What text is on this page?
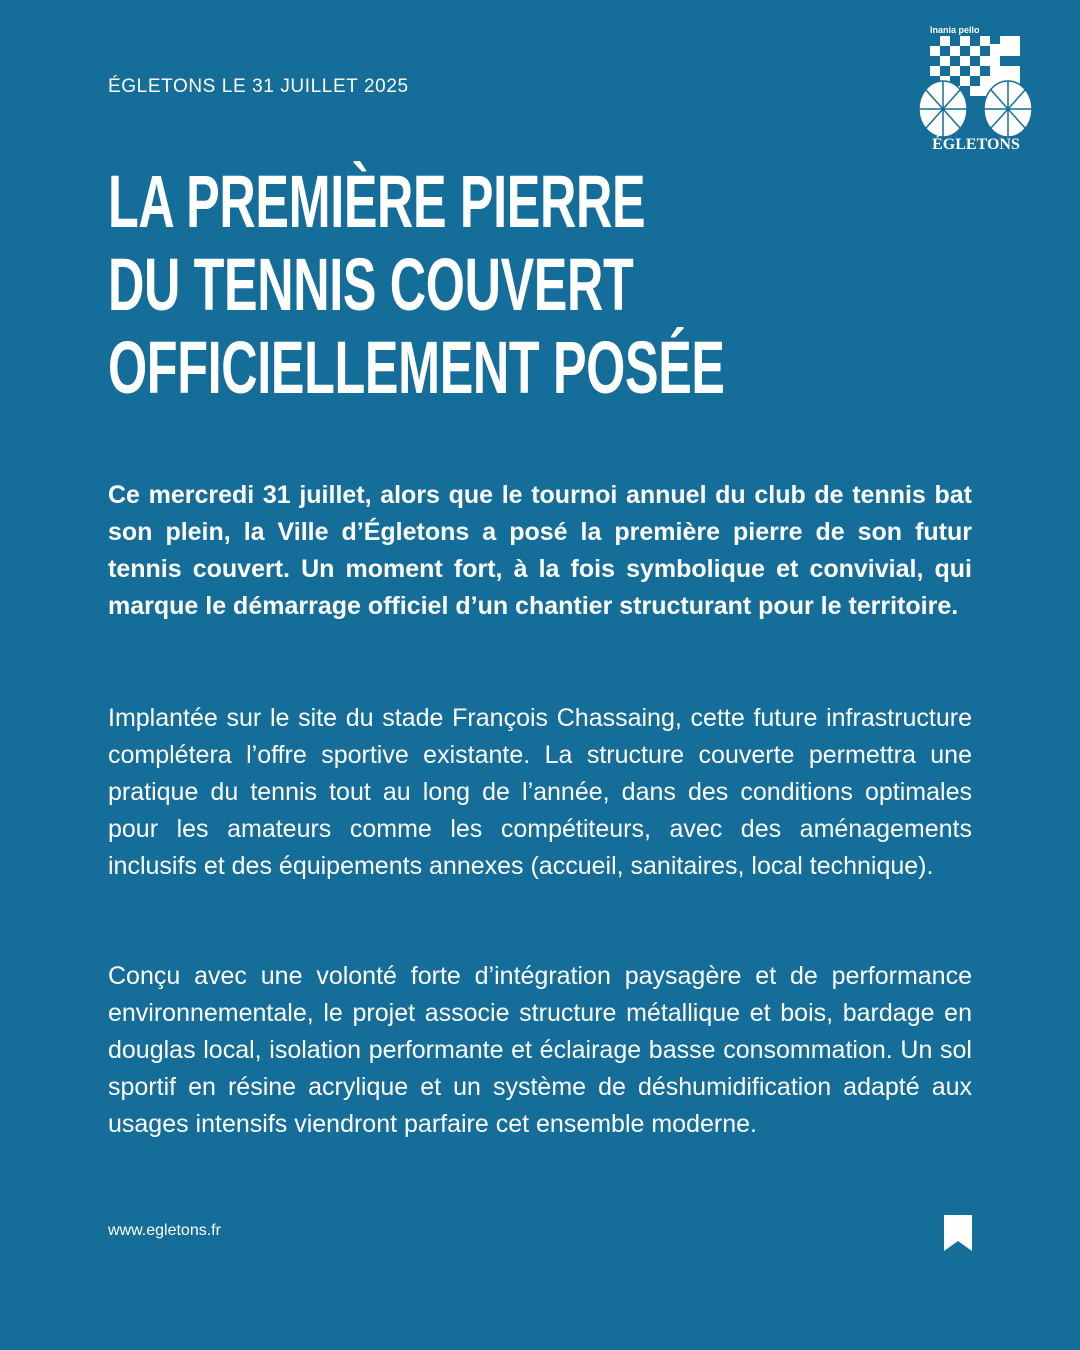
ÉGLETONS LE 31 JUILLET 2025
Inania pello
ÉGLETONS
LA PREMIÈRE PIERRE
DU TENNIS COUVERT
OFFICIELLEMENT POSÉE

Ce mercredi 31 juillet, alors que le tournoi annuel du club de tennis bat son plein, la Ville d’Égletons a posé la première pierre de son futur tennis couvert. Un moment fort, à la fois symbolique et convivial, qui marque le démarrage officiel d’un chantier structurant pour le territoire.

Implantée sur le site du stade François Chassaing, cette future infrastructure complétera l’offre sportive existante. La structure couverte permettra une pratique du tennis tout au long de l’année, dans des conditions optimales pour les amateurs comme les compétiteurs, avec des aménagements inclusifs et des équipements annexes (accueil, sanitaires, local technique).

Conçu avec une volonté forte d’intégration paysagère et de performance environnementale, le projet associe structure métallique et bois, bardage en douglas local, isolation performante et éclairage basse consommation. Un sol sportif en résine acrylique et un système de déshumidification adapté aux usages intensifs viendront parfaire cet ensemble moderne.

www.egletons.fr
